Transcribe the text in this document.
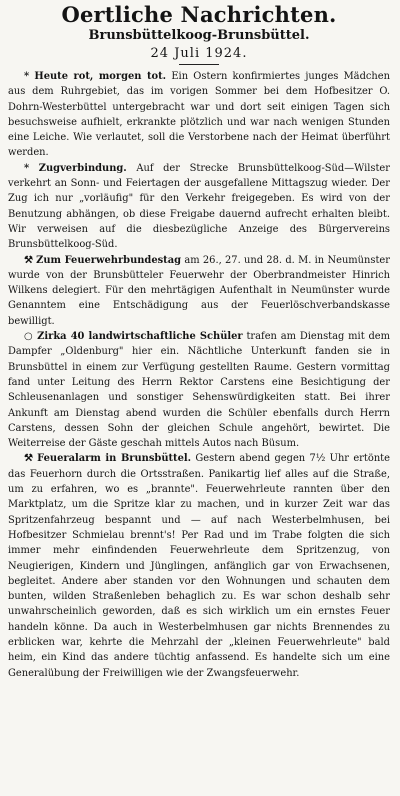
Oertliche Nachrichten.
Brunsbüttelkoog-Brunsbüttel.
24 Juli 1924.

* Heute rot, morgen tot. Ein Ostern konfirmiertes junges Mädchen aus dem Ruhrgebiet, das im vorigen Sommer bei dem Hofbesitzer O. Dohrn-Westerbüttel untergebracht war und dort seit einigen Tagen sich besuchsweise aufhielt, erkrankte plötzlich und war nach wenigen Stunden eine Leiche. Wie verlautet, soll die Verstorbene nach der Heimat überführt werden.

* Zugverbindung. Auf der Strecke Brunsbüttelkoog-Süd—Wilster verkehrt an Sonn- und Feiertagen der ausgefallene Mittagszug wieder. Der Zug ich nur „vorläufig" für den Verkehr freigegeben. Es wird von der Benutzung abhängen, ob diese Freigabe dauernd aufrecht erhalten bleibt. Wir verweisen auf die diesbezügliche Anzeige des Bürgervereins Brunsbüttelkoog-Süd.

⚒ Zum Feuerwehrbundestag am 26., 27. und 28. d. M. in Neumünster wurde von der Brunsbütteler Feuerwehr der Oberbrandmeister Hinrich Wilkens delegiert. Für den mehrtägigen Aufenthalt in Neumünster wurde Genanntem eine Entschädigung aus der Feuerlöschverbandskasse bewilligt.

○ Zirka 40 landwirtschaftliche Schüler trafen am Dienstag mit dem Dampfer „Oldenburg" hier ein. Nächtliche Unterkunft fanden sie in Brunsbüttel in einem zur Verfügung gestellten Raume. Gestern vormittag fand unter Leitung des Herrn Rektor Carstens eine Besichtigung der Schleusenanlagen und sonstiger Sehenswürdigkeiten statt. Bei ihrer Ankunft am Dienstag abend wurden die Schüler ebenfalls durch Herrn Carstens, dessen Sohn der gleichen Schule angehört, bewirtet. Die Weiterreise der Gäste geschah mittels Autos nach Büsum.

⚒ Feueralarm in Brunsbüttel. Gestern abend gegen 7½ Uhr ertönte das Feuerhorn durch die Ortsstraßen. Panikartig lief alles auf die Straße, um zu erfahren, wo es „brannte". Feuerwehrleute rannten über den Marktplatz, um die Spritze klar zu machen, und in kurzer Zeit war das Spritzenfahrzeug bespannt und — auf nach Westerbelmhusen, bei Hofbesitzer Schmielau brennt's! Per Rad und im Trabe folgten die sich immer mehr einfindenden Feuerwehrleute dem Spritzenzug, von Neugierigen, Kindern und Jünglingen, anfänglich gar von Erwachsenen, begleitet. Andere aber standen vor den Wohnungen und schauten dem bunten, wilden Straßenleben behaglich zu. Es war schon deshalb sehr unwahrscheinlich geworden, daß es sich wirklich um ein ernstes Feuer handeln könne. Da auch in Westerbelmhusen gar nichts Brennendes zu erblicken war, kehrte die Mehrzahl der „kleinen Feuerwehrleute" bald heim, ein Kind das andere tüchtig anfassend. Es handelte sich um eine Generalübung der Freiwilligen wie der Zwangsfeuerwehr.
